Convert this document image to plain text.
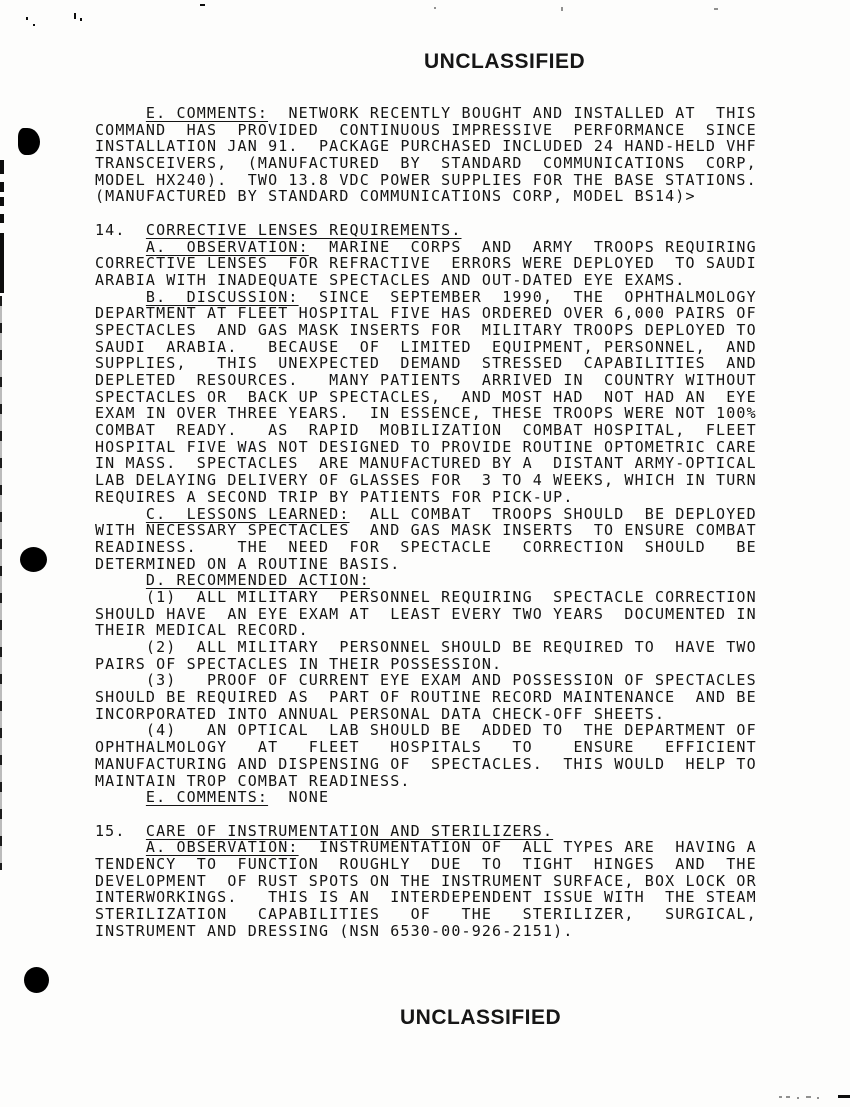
UNCLASSIFIED
E. COMMENTS:  NETWORK RECENTLY BOUGHT AND INSTALLED AT  THIS
COMMAND  HAS  PROVIDED  CONTINUOUS IMPRESSIVE  PERFORMANCE  SINCE
INSTALLATION JAN 91.  PACKAGE PURCHASED INCLUDED 24 HAND-HELD VHF
TRANSCEIVERS,  (MANUFACTURED  BY  STANDARD  COMMUNICATIONS  CORP,
MODEL HX240).  TWO 13.8 VDC POWER SUPPLIES FOR THE BASE STATIONS.
(MANUFACTURED BY STANDARD COMMUNICATIONS CORP, MODEL BS14)>

14.  CORRECTIVE LENSES REQUIREMENTS.
A.  OBSERVATION:  MARINE  CORPS  AND  ARMY  TROOPS REQUIRING
CORRECTIVE LENSES  FOR REFRACTIVE  ERRORS WERE DEPLOYED  TO SAUDI
ARABIA WITH INADEQUATE SPECTACLES AND OUT-DATED EYE EXAMS.
B.  DISCUSSION:  SINCE  SEPTEMBER  1990,  THE  OPHTHALMOLOGY
DEPARTMENT AT FLEET HOSPITAL FIVE HAS ORDERED OVER 6,000 PAIRS OF
SPECTACLES  AND GAS MASK INSERTS FOR  MILITARY TROOPS DEPLOYED TO
SAUDI  ARABIA.   BECAUSE  OF  LIMITED  EQUIPMENT, PERSONNEL,  AND
SUPPLIES,   THIS  UNEXPECTED  DEMAND  STRESSED  CAPABILITIES  AND
DEPLETED  RESOURCES.   MANY PATIENTS  ARRIVED IN  COUNTRY WITHOUT
SPECTACLES OR  BACK UP SPECTACLES,  AND MOST HAD  NOT HAD AN  EYE
EXAM IN OVER THREE YEARS.  IN ESSENCE, THESE TROOPS WERE NOT 100%
COMBAT  READY.   AS  RAPID  MOBILIZATION  COMBAT HOSPITAL,  FLEET
HOSPITAL FIVE WAS NOT DESIGNED TO PROVIDE ROUTINE OPTOMETRIC CARE
IN MASS.  SPECTACLES  ARE MANUFACTURED BY A  DISTANT ARMY-OPTICAL
LAB DELAYING DELIVERY OF GLASSES FOR  3 TO 4 WEEKS, WHICH IN TURN
REQUIRES A SECOND TRIP BY PATIENTS FOR PICK-UP.
C.  LESSONS LEARNED:  ALL COMBAT  TROOPS SHOULD  BE DEPLOYED
WITH NECESSARY SPECTACLES  AND GAS MASK INSERTS  TO ENSURE COMBAT
READINESS.    THE  NEED  FOR  SPECTACLE   CORRECTION  SHOULD   BE
DETERMINED ON A ROUTINE BASIS.
D. RECOMMENDED ACTION:
(1)  ALL MILITARY  PERSONNEL REQUIRING  SPECTACLE CORRECTION
SHOULD HAVE  AN EYE EXAM AT  LEAST EVERY TWO YEARS  DOCUMENTED IN
THEIR MEDICAL RECORD.
(2)  ALL MILITARY  PERSONNEL SHOULD BE REQUIRED TO  HAVE TWO
PAIRS OF SPECTACLES IN THEIR POSSESSION.
(3)   PROOF OF CURRENT EYE EXAM AND POSSESSION OF SPECTACLES
SHOULD BE REQUIRED AS  PART OF ROUTINE RECORD MAINTENANCE  AND BE
INCORPORATED INTO ANNUAL PERSONAL DATA CHECK-OFF SHEETS.
(4)   AN OPTICAL  LAB SHOULD BE  ADDED TO  THE DEPARTMENT OF
OPHTHALMOLOGY   AT   FLEET   HOSPITALS   TO    ENSURE   EFFICIENT
MANUFACTURING AND DISPENSING OF  SPECTACLES.  THIS WOULD  HELP TO
MAINTAIN TROP COMBAT READINESS.
E. COMMENTS:  NONE

15.  CARE OF INSTRUMENTATION AND STERILIZERS.
A. OBSERVATION:  INSTRUMENTATION OF  ALL TYPES ARE  HAVING A
TENDENCY  TO  FUNCTION  ROUGHLY  DUE  TO  TIGHT  HINGES  AND  THE
DEVELOPMENT  OF RUST SPOTS ON THE INSTRUMENT SURFACE, BOX LOCK OR
INTERWORKINGS.   THIS IS AN  INTERDEPENDENT ISSUE WITH  THE STEAM
STERILIZATION   CAPABILITIES   OF   THE   STERILIZER,   SURGICAL,
INSTRUMENT AND DRESSING (NSN 6530-00-926-2151).
UNCLASSIFIED
